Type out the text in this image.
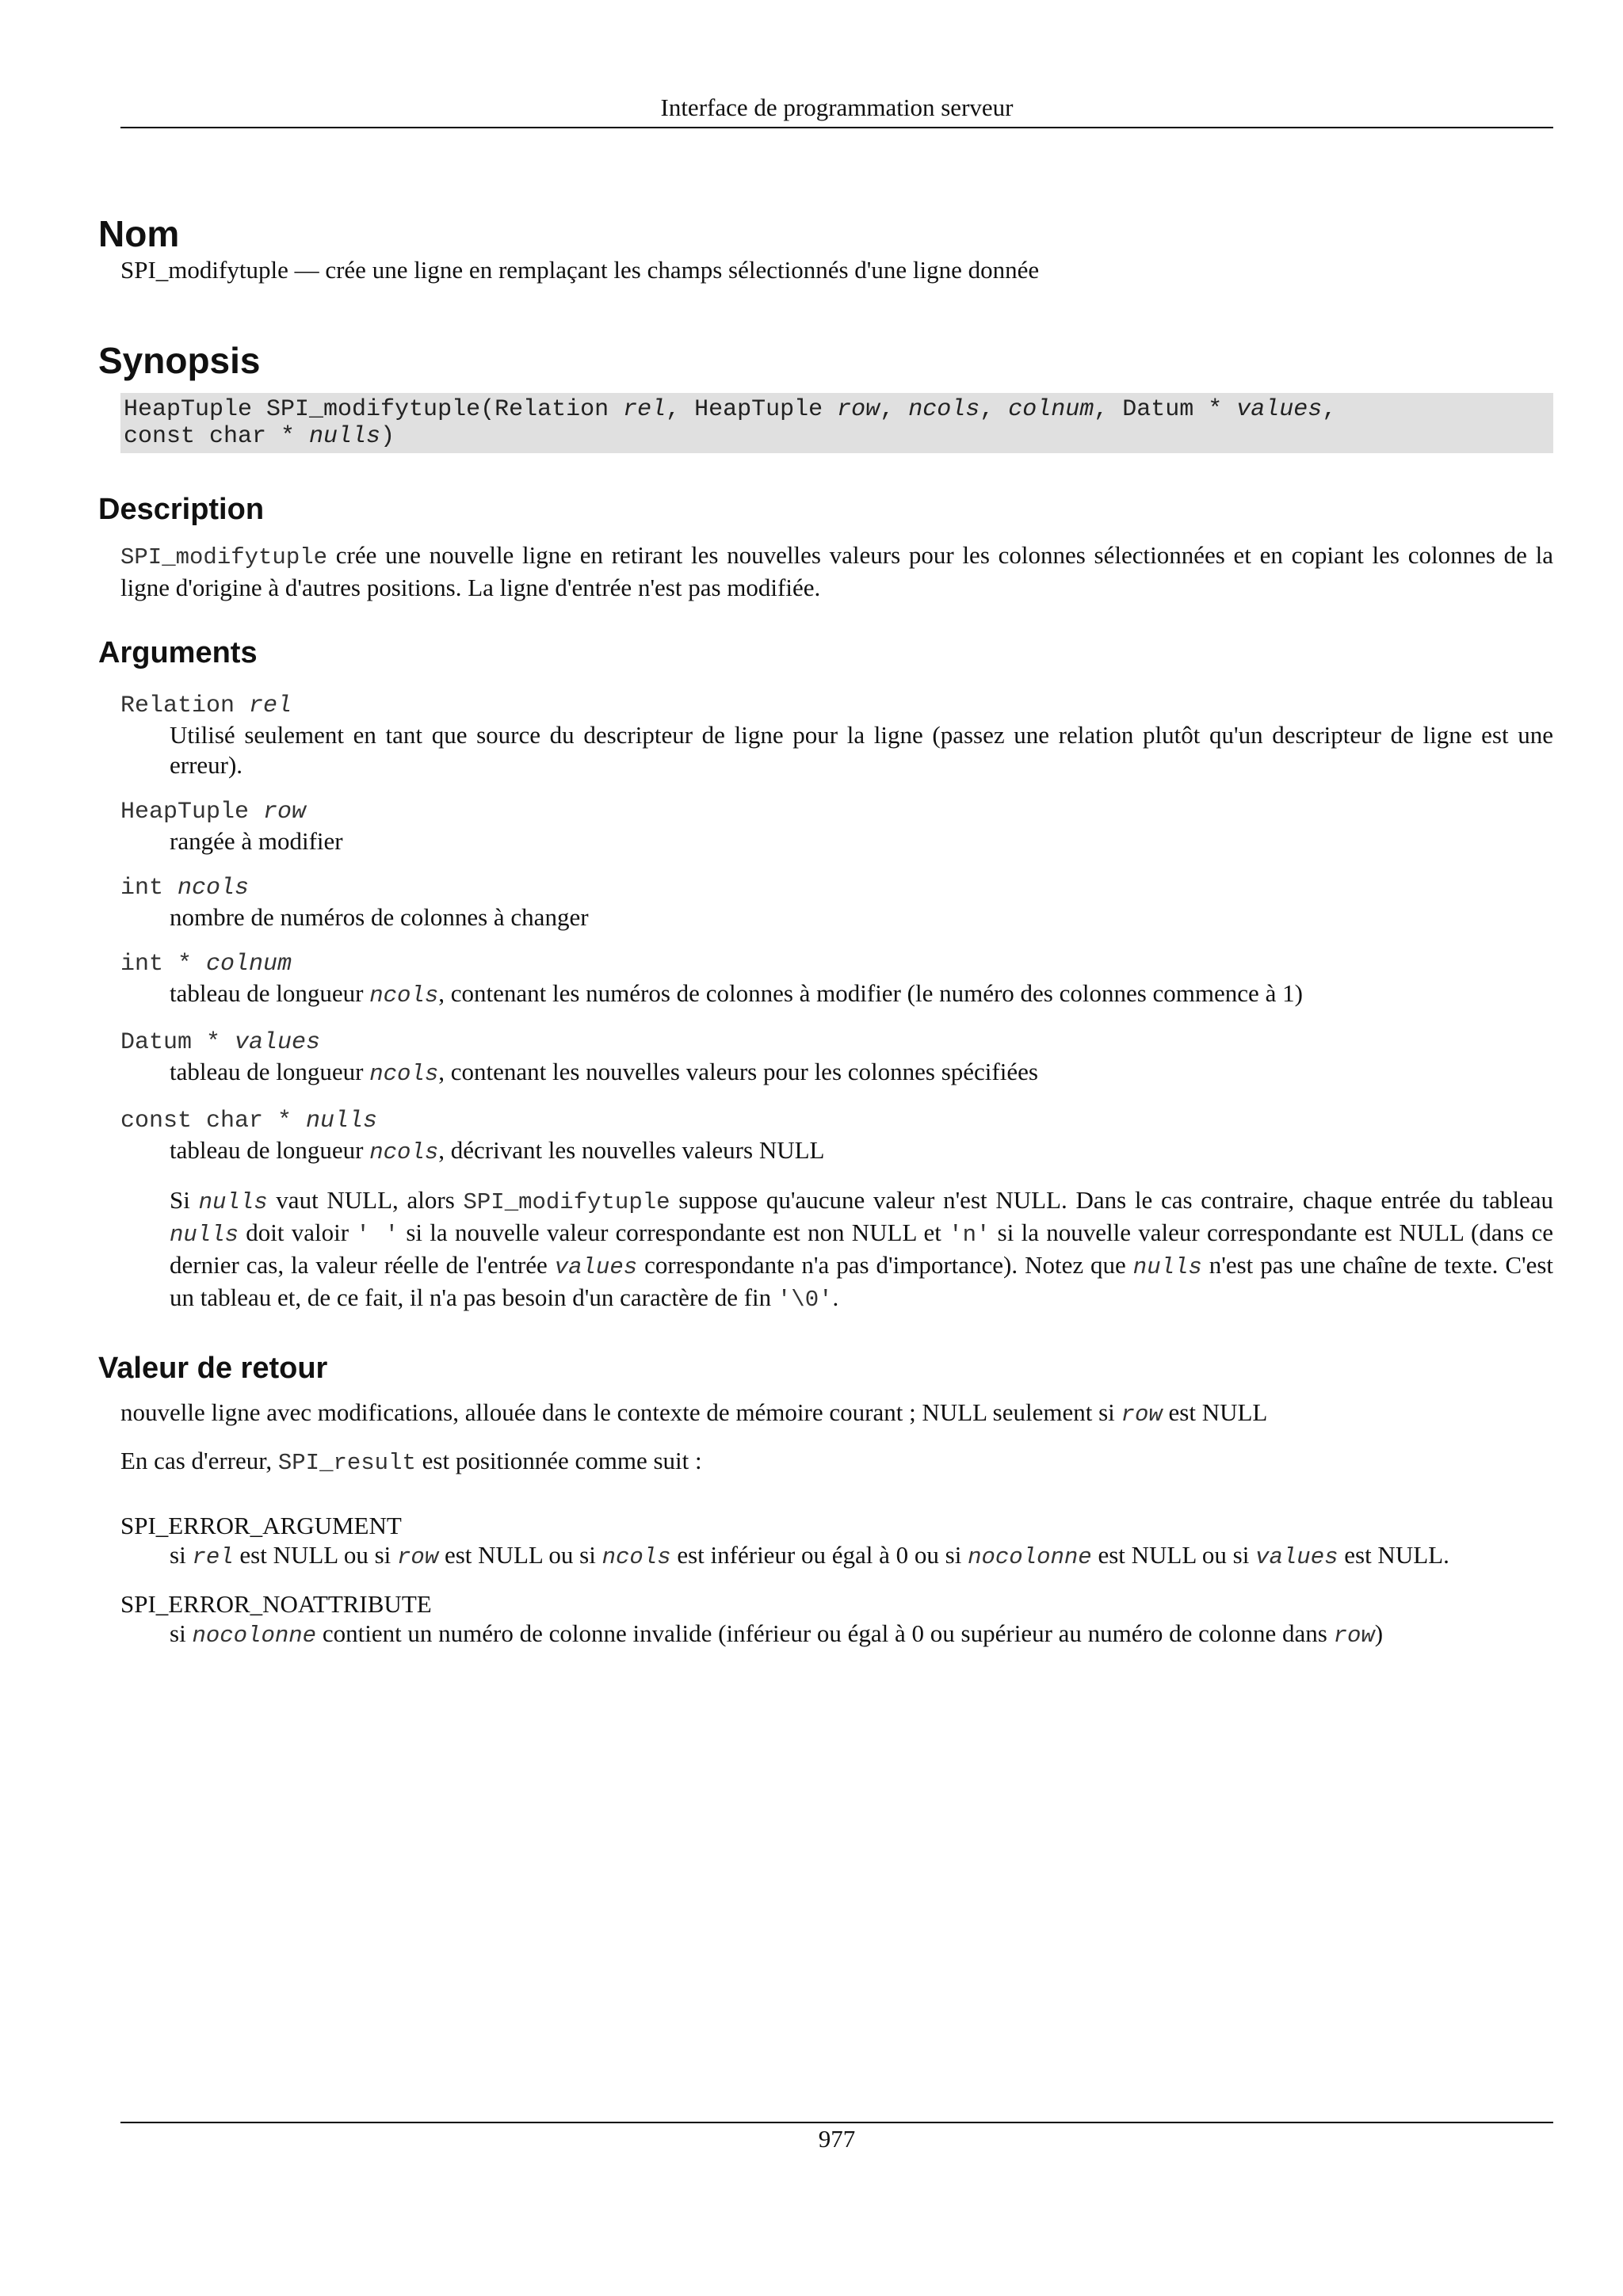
Interface de programmation serveur
Nom

SPI_modifytuple — crée une ligne en remplaçant les champs sélectionnés d'une ligne donnée

Synopsis
HeapTuple SPI_modifytuple(Relation rel, HeapTuple row, ncols, colnum, Datum * values,
const char * nulls)
Description

SPI_modifytuple crée une nouvelle ligne en retirant les nouvelles valeurs pour les colonnes sélectionnées et en copiant les colonnes de la ligne d'origine à d'autres positions. La ligne d'entrée n'est pas modifiée.

Arguments
Relation rel
Utilisé seulement en tant que source du descripteur de ligne pour la ligne (passez une relation plutôt qu'un descripteur de ligne est une erreur).
HeapTuple row
rangée à modifier
int ncols
nombre de numéros de colonnes à changer
int * colnum
tableau de longueur ncols, contenant les numéros de colonnes à modifier (le numéro des colonnes commence à 1)
Datum * values
tableau de longueur ncols, contenant les nouvelles valeurs pour les colonnes spécifiées
const char * nulls
tableau de longueur ncols, décrivant les nouvelles valeurs NULL
Si nulls vaut NULL, alors SPI_modifytuple suppose qu'aucune valeur n'est NULL. Dans le cas contraire, chaque entrée du tableau nulls doit valoir ' ' si la nouvelle valeur correspondante est non NULL et 'n' si la nouvelle valeur correspondante est NULL (dans ce dernier cas, la valeur réelle de l'entrée values correspondante n'a pas d'importance). Notez que nulls n'est pas une chaîne de texte. C'est un tableau et, de ce fait, il n'a pas besoin d'un caractère de fin '\0'.
Valeur de retour

nouvelle ligne avec modifications, allouée dans le contexte de mémoire courant ; NULL seulement si row est NULL

En cas d'erreur, SPI_result est positionnée comme suit :

SPI_ERROR_ARGUMENT
si rel est NULL ou si row est NULL ou si ncols est inférieur ou égal à 0 ou si nocolonne est NULL ou si values est NULL.
SPI_ERROR_NOATTRIBUTE
si nocolonne contient un numéro de colonne invalide (inférieur ou égal à 0 ou supérieur au numéro de colonne dans row)
977
